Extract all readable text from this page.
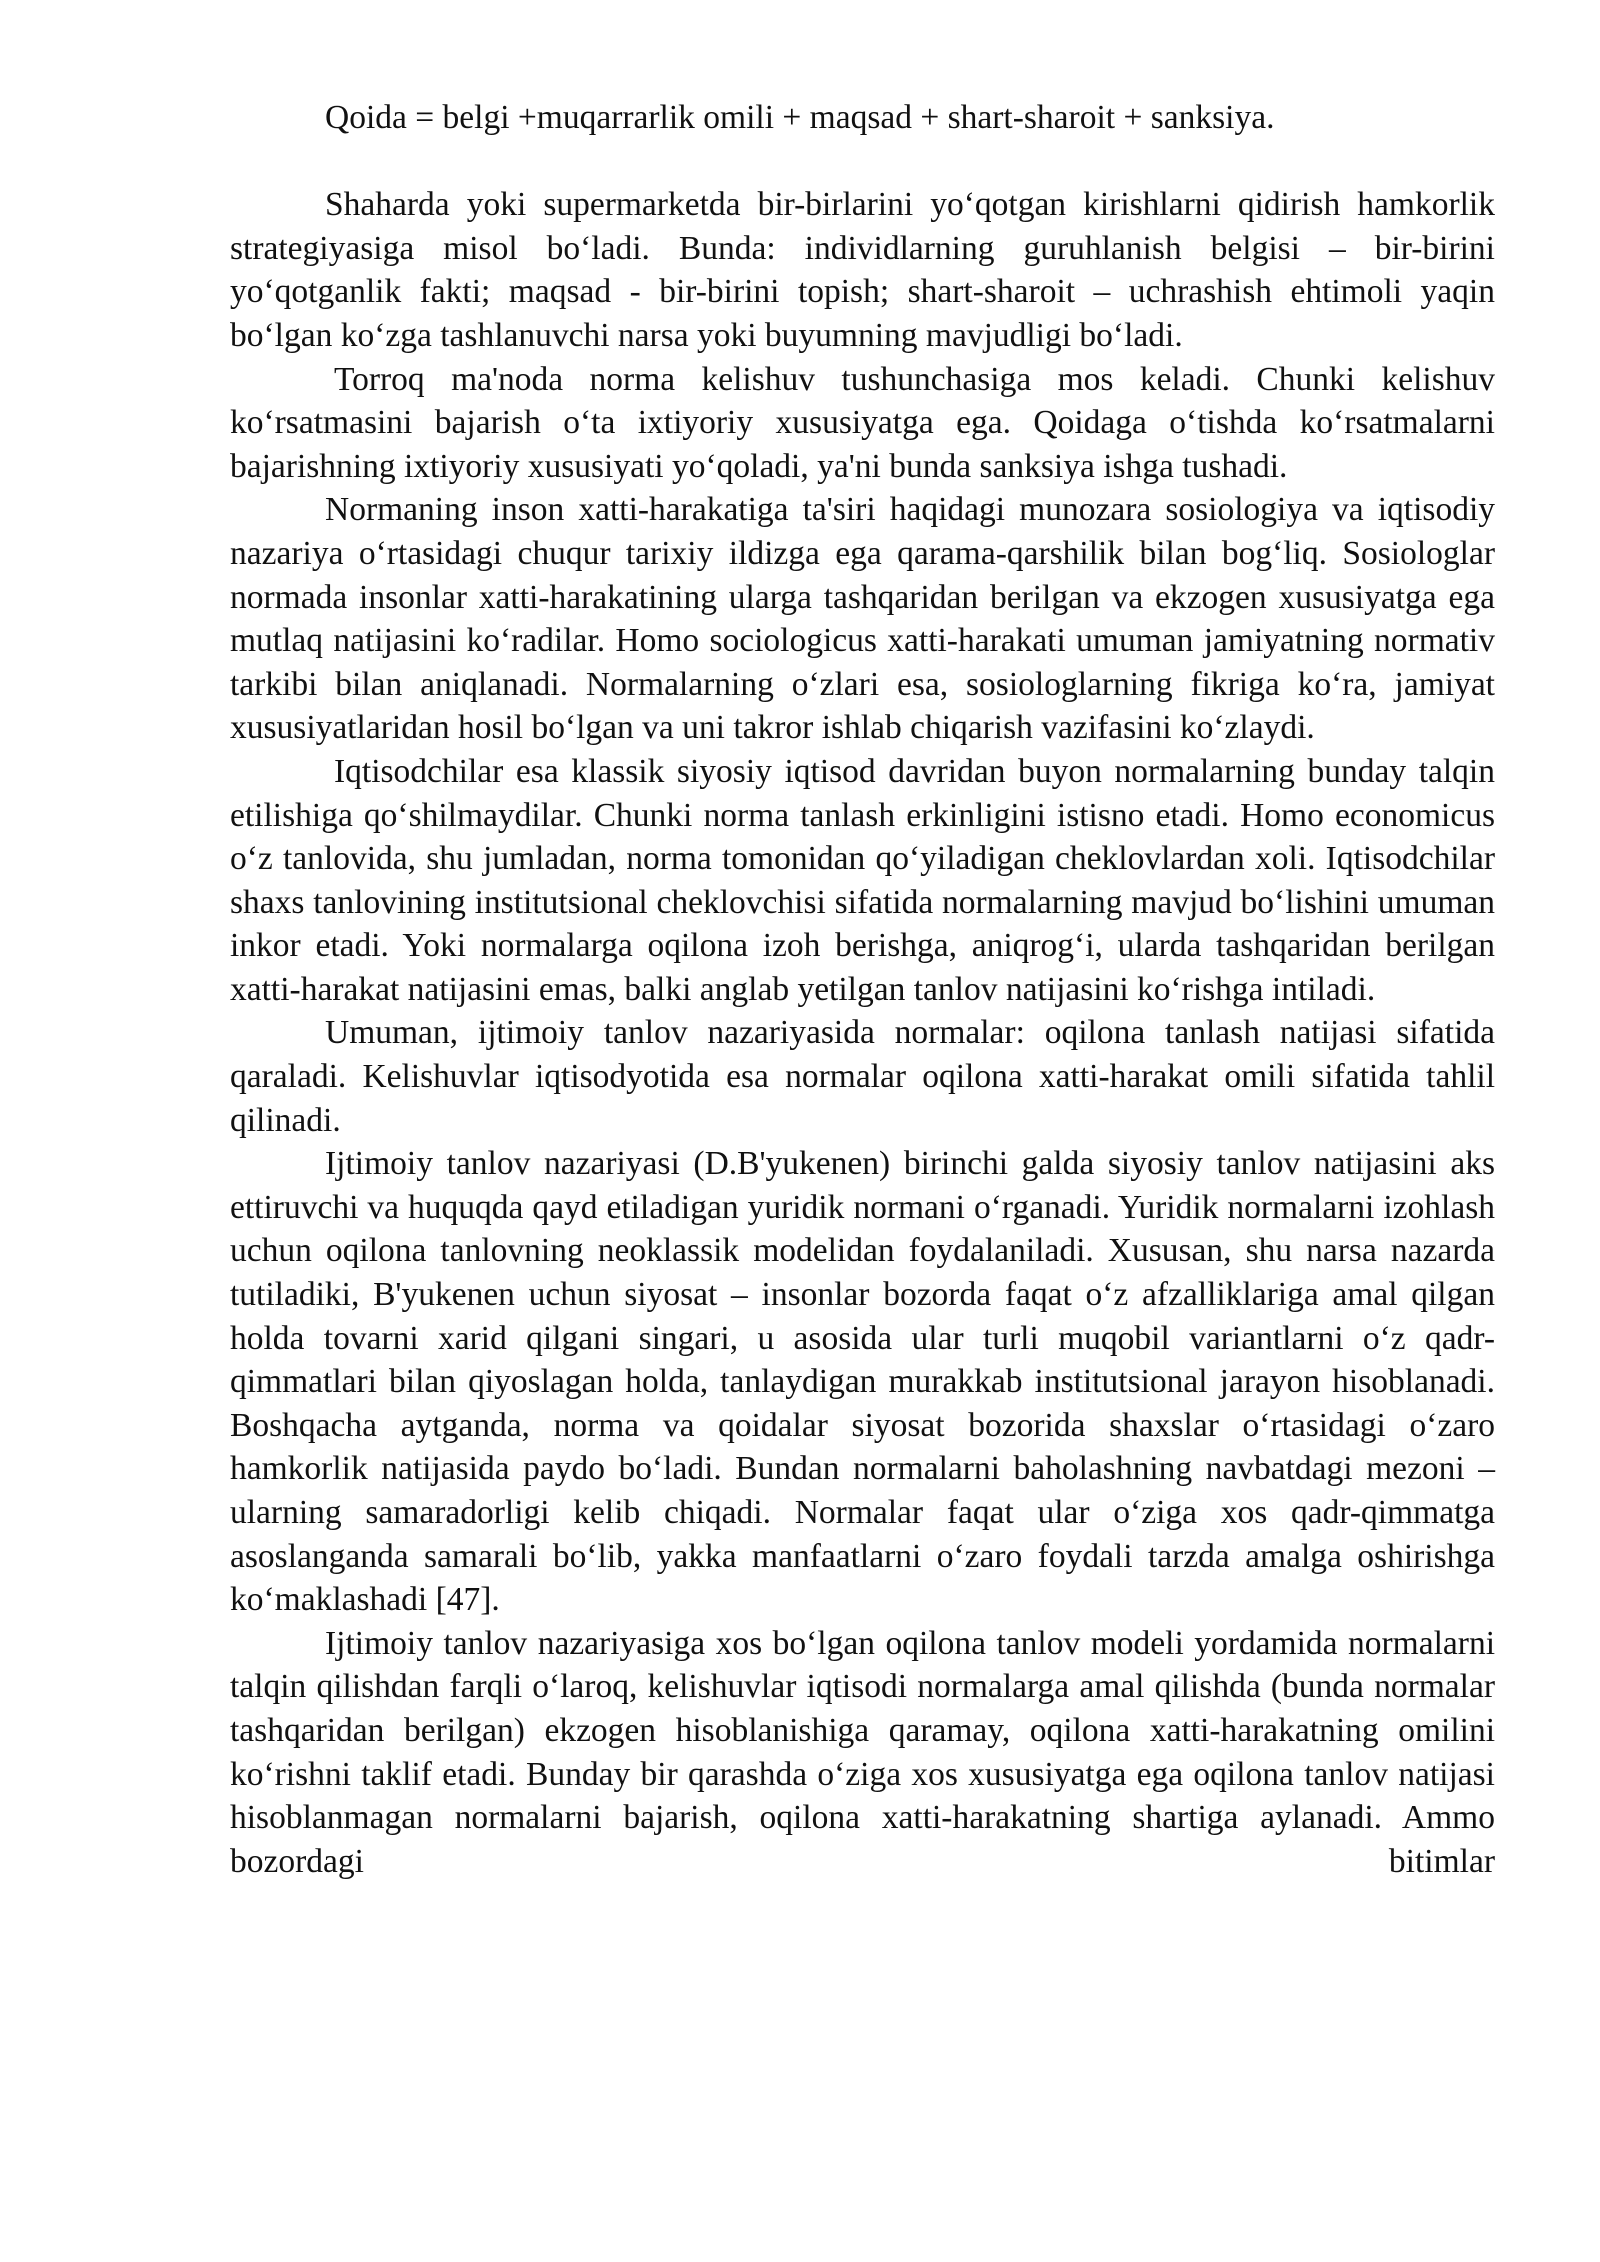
Qoida = belgi +muqarrarlik omili + maqsad + shart-sharoit + sanksiya.

Shaharda yoki supermarketda bir-birlarini yoʻqotgan kirishlarni qidirish hamkorlik strategiyasiga misol boʻladi. Bunda: individlarning guruhlanish belgisi – bir-birini yoʻqotganlik fakti; maqsad - bir-birini topish; shart-sharoit – uchrashish ehtimoli yaqin boʻlgan koʻzga tashlanuvchi narsa yoki buyumning mavjudligi boʻladi.

Torroq ma'noda norma kelishuv tushunchasiga mos keladi. Chunki kelishuv koʻrsatmasini bajarish oʻta ixtiyoriy xususiyatga ega. Qoidaga oʻtishda koʻrsatmalarni bajarishning ixtiyoriy xususiyati yoʻqoladi, ya'ni bunda sanksiya ishga tushadi.

Normaning inson xatti-harakatiga ta'siri haqidagi munozara sosiologiya va iqtisodiy nazariya oʻrtasidagi chuqur tarixiy ildizga ega qarama-qarshilik bilan bogʻliq. Sosiologlar normada insonlar xatti-harakatining ularga tashqaridan berilgan va ekzogen xususiyatga ega mutlaq natijasini koʻradilar. Homo sociologicus xatti-harakati umuman jamiyatning normativ tarkibi bilan aniqlanadi. Normalarning oʻzlari esa, sosiologlarning fikriga koʻra, jamiyat xususiyatlaridan hosil boʻlgan va uni takror ishlab chiqarish vazifasini koʻzlaydi.

Iqtisodchilar esa klassik siyosiy iqtisod davridan buyon normalarning bunday talqin etilishiga qoʻshilmaydilar. Chunki norma tanlash erkinligini istisno etadi. Homo economicus oʻz tanlovida, shu jumladan, norma tomonidan qoʻyiladigan cheklovlardan xoli. Iqtisodchilar shaxs tanlovining institutsional cheklovchisi sifatida normalarning mavjud boʻlishini umuman inkor etadi. Yoki normalarga oqilona izoh berishga, aniqrogʻi, ularda tashqaridan berilgan xatti-harakat natijasini emas, balki anglab yetilgan tanlov natijasini koʻrishga intiladi.

Umuman, ijtimoiy tanlov nazariyasida normalar: oqilona tanlash natijasi sifatida qaraladi. Kelishuvlar iqtisodyotida esa normalar oqilona xatti-harakat omili sifatida tahlil qilinadi.

Ijtimoiy tanlov nazariyasi (D.B'yukenen) birinchi galda siyosiy tanlov natijasini aks ettiruvchi va huquqda qayd etiladigan yuridik normani oʻrganadi. Yuridik normalarni izohlash uchun oqilona tanlovning neoklassik modelidan foydalaniladi. Xususan, shu narsa nazarda tutiladiki, B'yukenen uchun siyosat – insonlar bozorda faqat oʻz afzalliklariga amal qilgan holda tovarni xarid qilgani singari, u asosida ular turli muqobil variantlarni oʻz qadr-qimmatlari bilan qiyoslagan holda, tanlaydigan murakkab institutsional jarayon hisoblanadi. Boshqacha aytganda, norma va qoidalar siyosat bozorida shaxslar oʻrtasidagi oʻzaro hamkorlik natijasida paydo boʻladi. Bundan normalarni baholashning navbatdagi mezoni – ularning samaradorligi kelib chiqadi. Normalar faqat ular oʻziga xos qadr-qimmatga asoslanganda samarali boʻlib, yakka manfaatlarni oʻzaro foydali tarzda amalga oshirishga koʻmaklashadi [47].

Ijtimoiy tanlov nazariyasiga xos boʻlgan oqilona tanlov modeli yordamida normalarni talqin qilishdan farqli oʻlaroq, kelishuvlar iqtisodi normalarga amal qilishda (bunda normalar tashqaridan berilgan) ekzogen hisoblanishiga qaramay, oqilona xatti-harakatning omilini koʻrishni taklif etadi. Bunday bir qarashda oʻziga xos xususiyatga ega oqilona tanlov natijasi hisoblanmagan normalarni bajarish, oqilona xatti-harakatning shartiga aylanadi. Ammo bozordagi bitimlar
